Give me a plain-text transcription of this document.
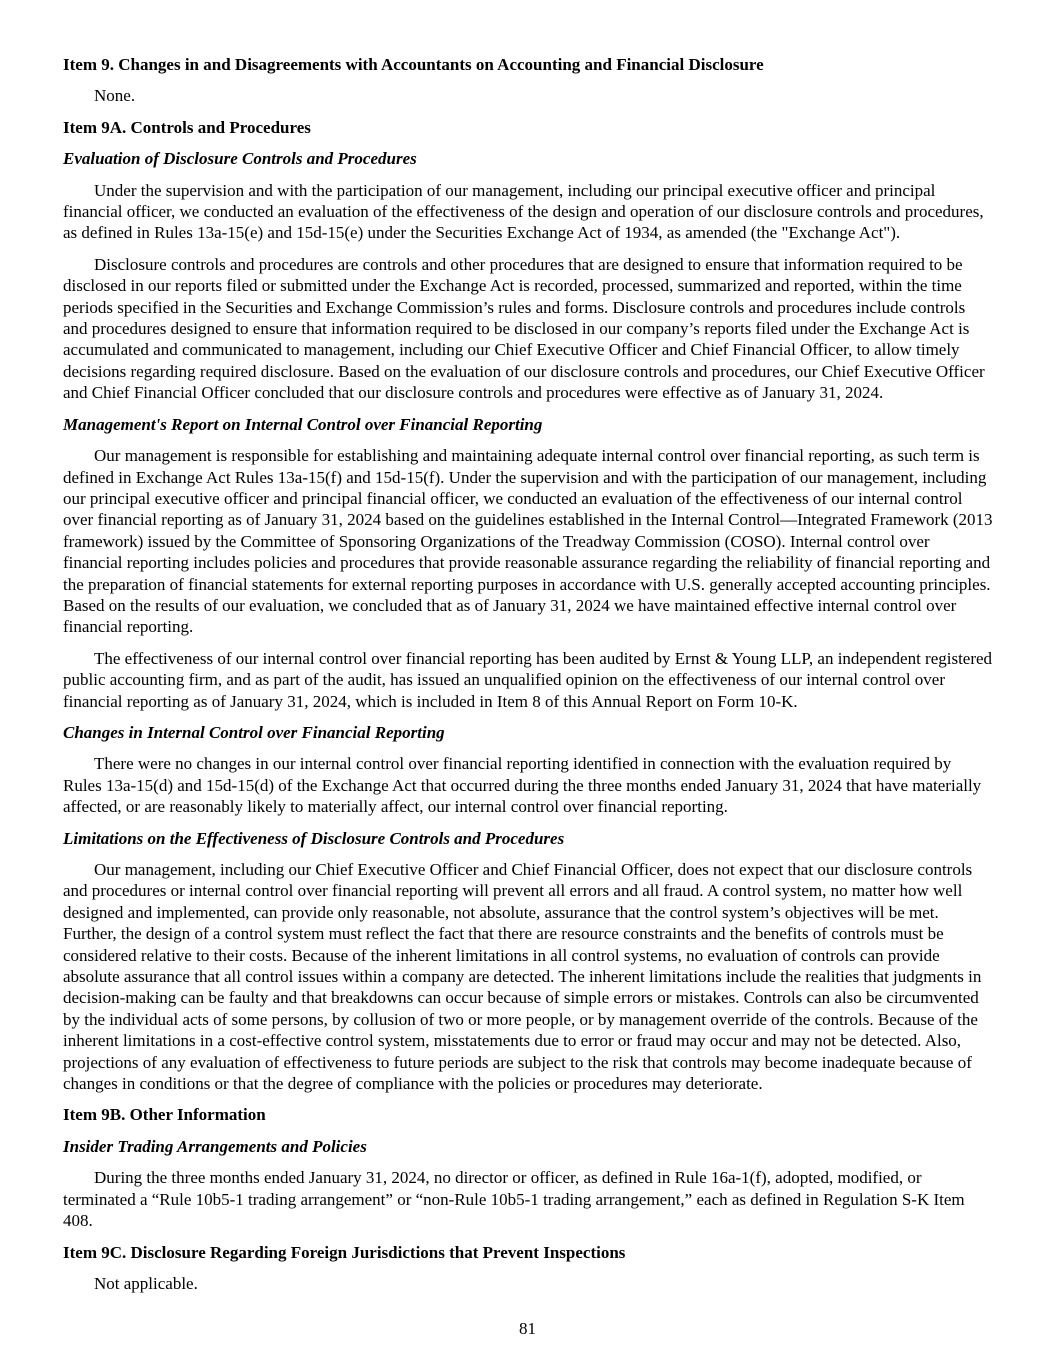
Item 9. Changes in and Disagreements with Accountants on Accounting and Financial Disclosure
None.
Item 9A. Controls and Procedures
Evaluation of Disclosure Controls and Procedures
Under the supervision and with the participation of our management, including our principal executive officer and principal financial officer, we conducted an evaluation of the effectiveness of the design and operation of our disclosure controls and procedures, as defined in Rules 13a-15(e) and 15d-15(e) under the Securities Exchange Act of 1934, as amended (the "Exchange Act").
Disclosure controls and procedures are controls and other procedures that are designed to ensure that information required to be disclosed in our reports filed or submitted under the Exchange Act is recorded, processed, summarized and reported, within the time periods specified in the Securities and Exchange Commission’s rules and forms. Disclosure controls and procedures include controls and procedures designed to ensure that information required to be disclosed in our company’s reports filed under the Exchange Act is accumulated and communicated to management, including our Chief Executive Officer and Chief Financial Officer, to allow timely decisions regarding required disclosure. Based on the evaluation of our disclosure controls and procedures, our Chief Executive Officer and Chief Financial Officer concluded that our disclosure controls and procedures were effective as of January 31, 2024.
Management's Report on Internal Control over Financial Reporting
Our management is responsible for establishing and maintaining adequate internal control over financial reporting, as such term is defined in Exchange Act Rules 13a-15(f) and 15d-15(f). Under the supervision and with the participation of our management, including our principal executive officer and principal financial officer, we conducted an evaluation of the effectiveness of our internal control over financial reporting as of January 31, 2024 based on the guidelines established in the Internal Control—Integrated Framework (2013 framework) issued by the Committee of Sponsoring Organizations of the Treadway Commission (COSO). Internal control over financial reporting includes policies and procedures that provide reasonable assurance regarding the reliability of financial reporting and the preparation of financial statements for external reporting purposes in accordance with U.S. generally accepted accounting principles. Based on the results of our evaluation, we concluded that as of January 31, 2024 we have maintained effective internal control over financial reporting.
The effectiveness of our internal control over financial reporting has been audited by Ernst & Young LLP, an independent registered public accounting firm, and as part of the audit, has issued an unqualified opinion on the effectiveness of our internal control over financial reporting as of January 31, 2024, which is included in Item 8 of this Annual Report on Form 10-K.
Changes in Internal Control over Financial Reporting
There were no changes in our internal control over financial reporting identified in connection with the evaluation required by Rules 13a-15(d) and 15d-15(d) of the Exchange Act that occurred during the three months ended January 31, 2024 that have materially affected, or are reasonably likely to materially affect, our internal control over financial reporting.
Limitations on the Effectiveness of Disclosure Controls and Procedures
Our management, including our Chief Executive Officer and Chief Financial Officer, does not expect that our disclosure controls and procedures or internal control over financial reporting will prevent all errors and all fraud. A control system, no matter how well designed and implemented, can provide only reasonable, not absolute, assurance that the control system’s objectives will be met. Further, the design of a control system must reflect the fact that there are resource constraints and the benefits of controls must be considered relative to their costs. Because of the inherent limitations in all control systems, no evaluation of controls can provide absolute assurance that all control issues within a company are detected. The inherent limitations include the realities that judgments in decision-making can be faulty and that breakdowns can occur because of simple errors or mistakes. Controls can also be circumvented by the individual acts of some persons, by collusion of two or more people, or by management override of the controls. Because of the inherent limitations in a cost-effective control system, misstatements due to error or fraud may occur and may not be detected. Also, projections of any evaluation of effectiveness to future periods are subject to the risk that controls may become inadequate because of changes in conditions or that the degree of compliance with the policies or procedures may deteriorate.
Item 9B. Other Information
Insider Trading Arrangements and Policies
During the three months ended January 31, 2024, no director or officer, as defined in Rule 16a-1(f), adopted, modified, or terminated a “Rule 10b5-1 trading arrangement” or “non-Rule 10b5-1 trading arrangement,” each as defined in Regulation S-K Item 408.
Item 9C. Disclosure Regarding Foreign Jurisdictions that Prevent Inspections
Not applicable.
81
